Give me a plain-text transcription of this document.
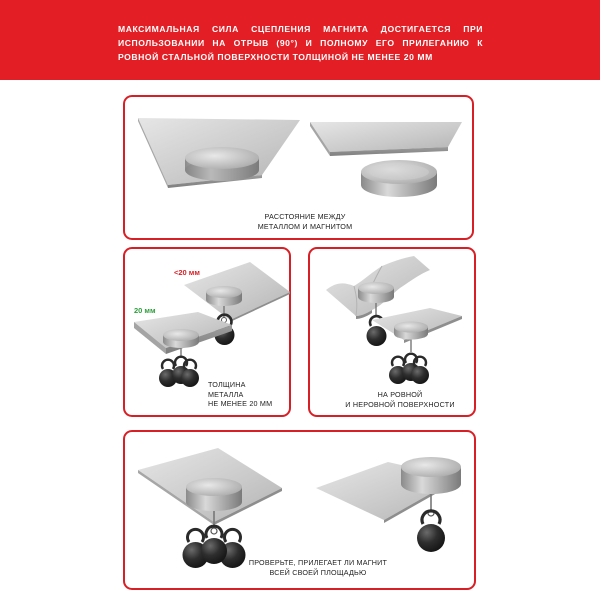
МАКСИМАЛЬНАЯ СИЛА СЦЕПЛЕНИЯ МАГНИТА ДОСТИГАЕТСЯ ПРИ ИСПОЛЬЗОВАНИИ НА ОТРЫВ (90°) И ПОЛНОМУ ЕГО ПРИЛЕГАНИЮ К РОВНОЙ СТАЛЬНОЙ ПОВЕРХНОСТИ ТОЛЩИНОЙ НЕ МЕНЕЕ 20 ММ
РАССТОЯНИЕ МЕЖДУ
МЕТАЛЛОМ И МАГНИТОМ
<20 мм
20 мм
ТОЛЩИНА
МЕТАЛЛА
НЕ МЕНЕЕ 20 ММ
НА РОВНОЙ
И НЕРОВНОЙ ПОВЕРХНОСТИ
ПРОВЕРЬТЕ, ПРИЛЕГАЕТ ЛИ МАГНИТ
ВСЕЙ СВОЕЙ ПЛОЩАДЬЮ
